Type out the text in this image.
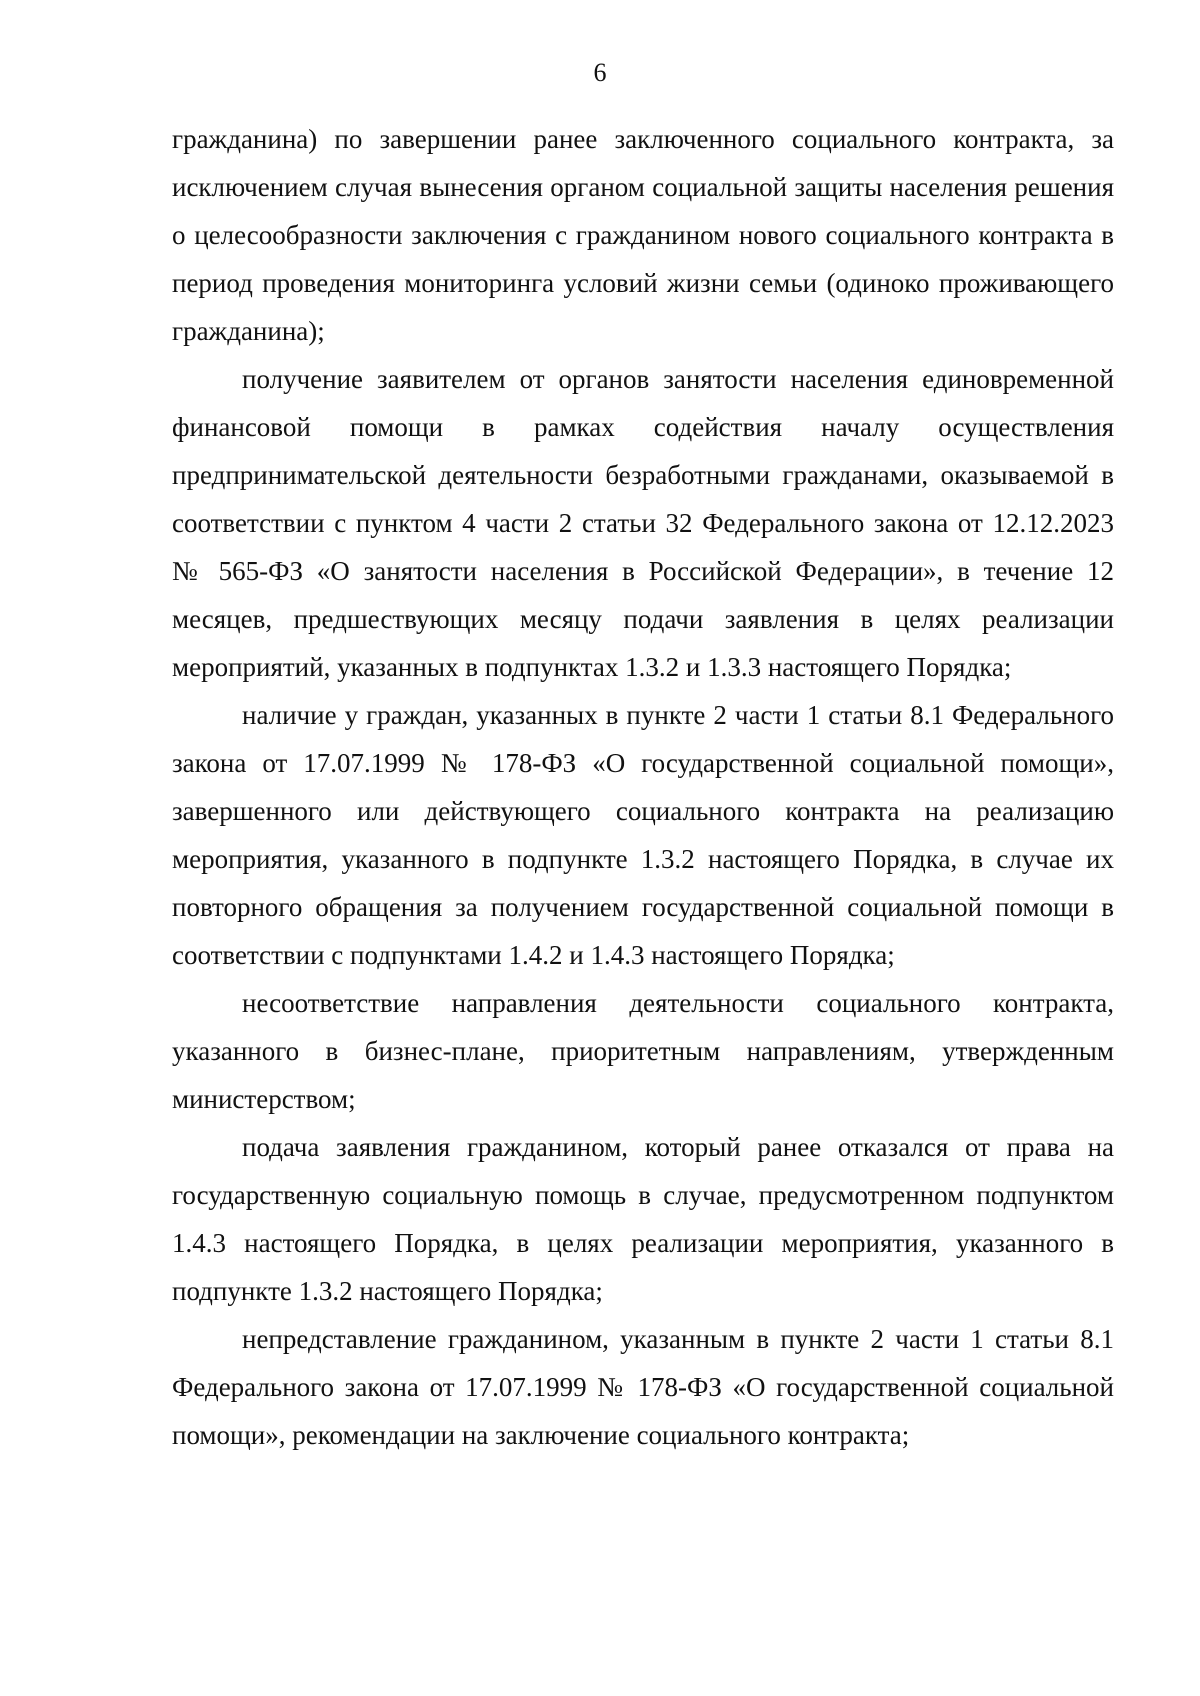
6

гражданина) по завершении ранее заключенного социального контракта, за исключением случая вынесения органом социальной защиты населения решения о целесообразности заключения с гражданином нового социального контракта в период проведения мониторинга условий жизни семьи (одиноко проживающего гражданина);

получение заявителем от органов занятости населения единовременной финансовой помощи в рамках содействия началу осуществления предпринимательской деятельности безработными гражданами, оказываемой в соответствии с пунктом 4 части 2 статьи 32 Федерального закона от 12.12.2023 № 565-ФЗ «О занятости населения в Российской Федерации», в течение 12 месяцев, предшествующих месяцу подачи заявления в целях реализации мероприятий, указанных в подпунктах 1.3.2 и 1.3.3 настоящего Порядка;

наличие у граждан, указанных в пункте 2 части 1 статьи 8.1 Федерального закона от 17.07.1999 № 178-ФЗ «О государственной социальной помощи», завершенного или действующего социального контракта на реализацию мероприятия, указанного в подпункте 1.3.2 настоящего Порядка, в случае их повторного обращения за получением государственной социальной помощи в соответствии с подпунктами 1.4.2 и 1.4.3 настоящего Порядка;

несоответствие направления деятельности социального контракта, указанного в бизнес-плане, приоритетным направлениям, утвержденным министерством;

подача заявления гражданином, который ранее отказался от права на государственную социальную помощь в случае, предусмотренном подпунктом 1.4.3 настоящего Порядка, в целях реализации мероприятия, указанного в подпункте 1.3.2 настоящего Порядка;

непредставление гражданином, указанным в пункте 2 части 1 статьи 8.1 Федерального закона от 17.07.1999 № 178-ФЗ «О государственной социальной помощи», рекомендации на заключение социального контракта;
